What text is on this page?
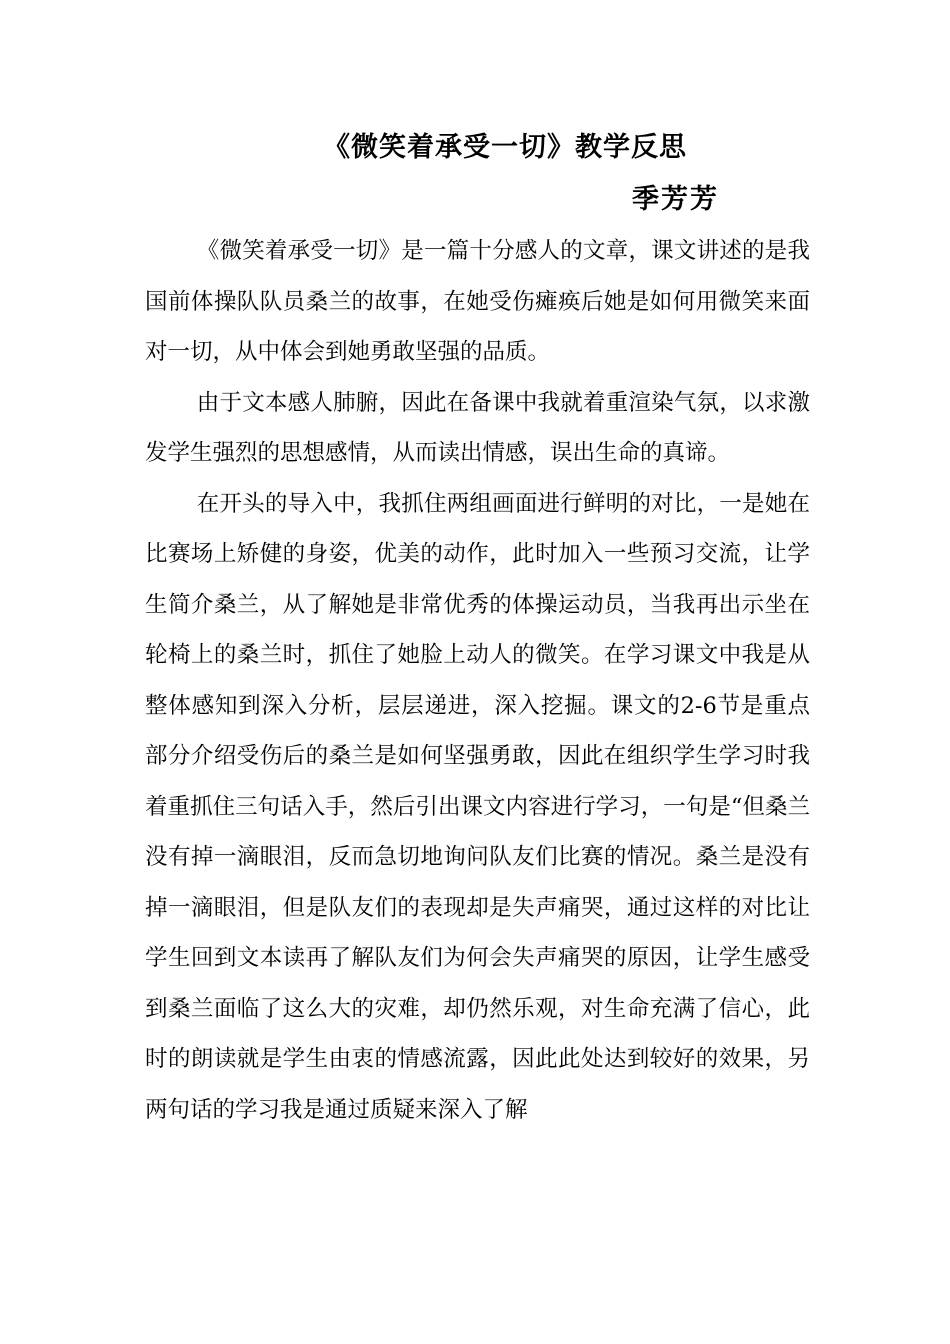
《微笑着承受一切》教学反思
季芳芳

《微笑着承受一切》是一篇十分感人的文章，课文讲述的是我国前体操队队员桑兰的故事，在她受伤瘫痪后她是如何用微笑来面对一切，从中体会到她勇敢坚强的品质。

由于文本感人肺腑，因此在备课中我就着重渲染气氛，以求激发学生强烈的思想感情，从而读出情感，误出生命的真谛。

在开头的导入中，我抓住两组画面进行鲜明的对比，一是她在比赛场上矫健的身姿，优美的动作，此时加入一些预习交流，让学生简介桑兰，从了解她是非常优秀的体操运动员，当我再出示坐在轮椅上的桑兰时，抓住了她脸上动人的微笑。在学习课文中我是从整体感知到深入分析，层层递进，深入挖掘。课文的2-6节是重点部分介绍受伤后的桑兰是如何坚强勇敢，因此在组织学生学习时我着重抓住三句话入手，然后引出课文内容进行学习，一句是“但桑兰没有掉一滴眼泪，反而急切地询问队友们比赛的情况。桑兰是没有掉一滴眼泪，但是队友们的表现却是失声痛哭，通过这样的对比让学生回到文本读再了解队友们为何会失声痛哭的原因，让学生感受到桑兰面临了这么大的灾难，却仍然乐观，对生命充满了信心，此时的朗读就是学生由衷的情感流露，因此此处达到较好的效果，另两句话的学习我是通过质疑来深入了解
